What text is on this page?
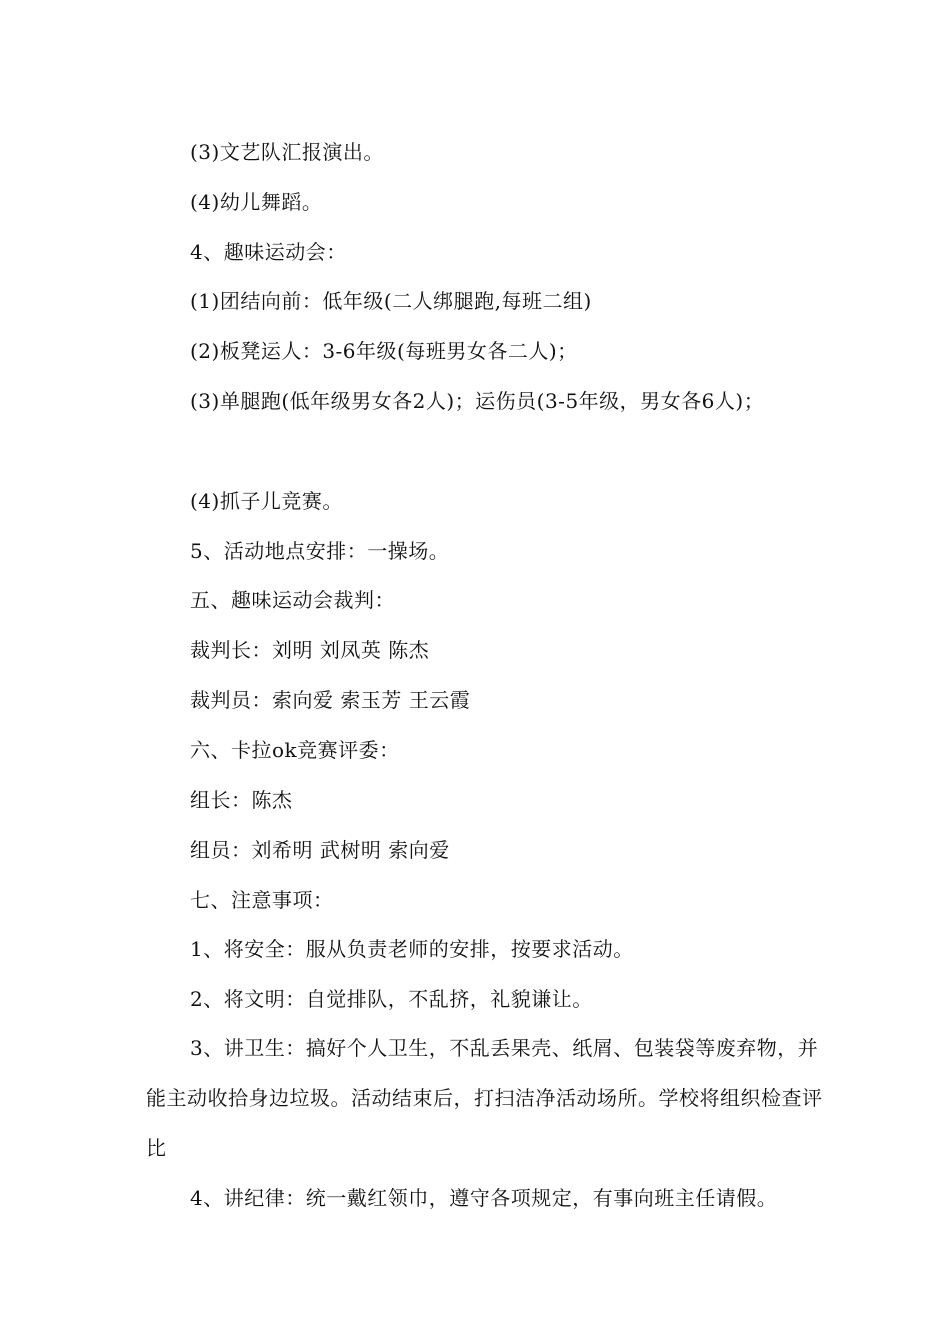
(3)文艺队汇报演出。
(4)幼儿舞蹈。
4、趣味运动会：
(1)团结向前：低年级(二人绑腿跑,每班二组)
(2)板凳运人：3-6年级(每班男女各二人)；
(3)单腿跑(低年级男女各2人)；运伤员(3-5年级，男女各6人)；
(4)抓子儿竞赛。
5、活动地点安排：一操场。
五、趣味运动会裁判：
裁判长：刘明 刘凤英 陈杰
裁判员：索向爱 索玉芳 王云霞
六、卡拉ok竞赛评委：
组长：陈杰
组员：刘希明 武树明 索向爱
七、注意事项：
1、将安全：服从负责老师的安排，按要求活动。
2、将文明：自觉排队，不乱挤，礼貌谦让。
3、讲卫生：搞好个人卫生，不乱丢果壳、纸屑、包装袋等废弃物，并能主动收拾身边垃圾。活动结束后，打扫洁净活动场所。学校将组织检查评比
4、讲纪律：统一戴红领巾，遵守各项规定，有事向班主任请假。
